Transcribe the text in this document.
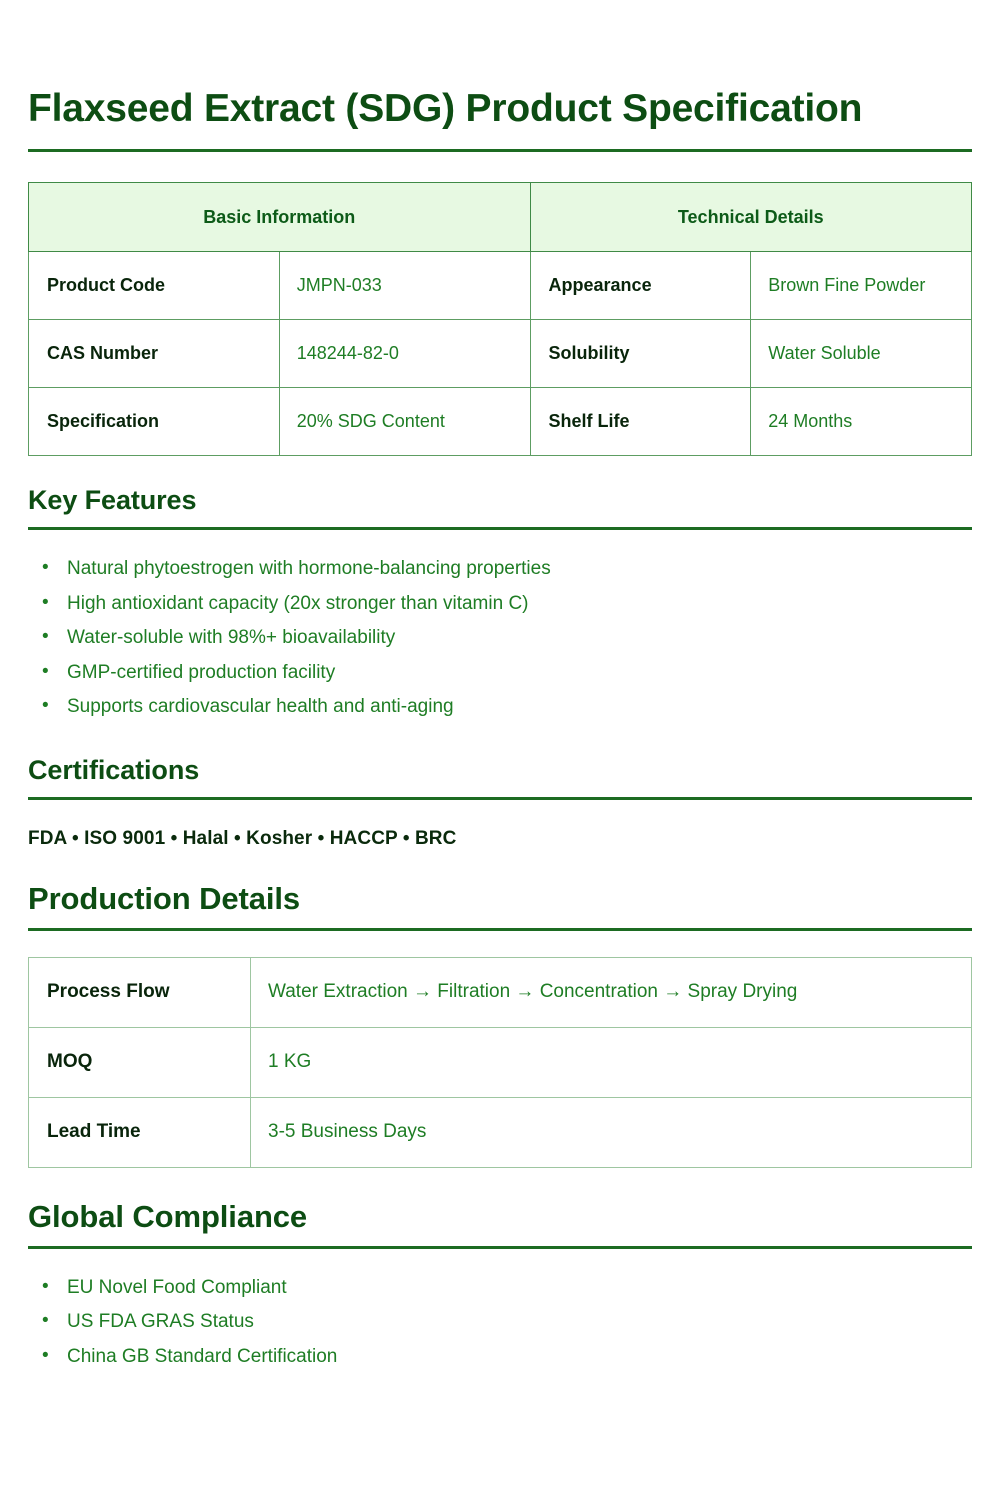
Flaxseed Extract (SDG) Product Specification
Basic Information		Technical Details	
Product Code	JMPN-033	Appearance	Brown Fine Powder
CAS Number	148244-82-0	Solubility	Water Soluble
Specification	20% SDG Content	Shelf Life	24 Months
Key Features
• Natural phytoestrogen with hormone-balancing properties
• High antioxidant capacity (20x stronger than vitamin C)
• Water-soluble with 98%+ bioavailability
• GMP-certified production facility
• Supports cardiovascular health and anti-aging
Certifications
FDA • ISO 9001 • Halal • Kosher • HACCP • BRC
Production Details
Process Flow	Water Extraction → Filtration → Concentration → Spray Drying
MOQ	1 KG
Lead Time	3-5 Business Days
Global Compliance
• EU Novel Food Compliant
• US FDA GRAS Status
• China GB Standard Certification
